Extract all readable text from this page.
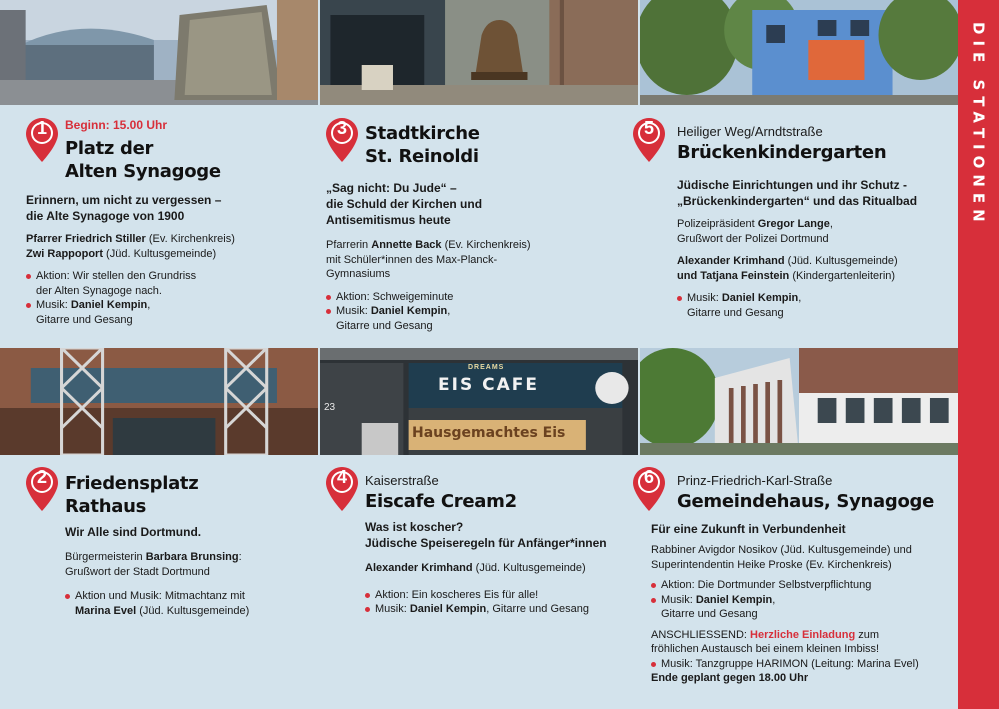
DREAMS
EIS CAFE
Hausgemachtes Eis
23
DIE STATIONEN
1	Beginn: 15.00 Uhr
Platz der
Alten Synagoge
Erinnern, um nicht zu vergessen –
die Alte Synagoge von 1900
Pfarrer Friedrich Stiller (Ev. Kirchenkreis)
Zwi Rappoport (Jüd. Kultusgemeinde)
Aktion: Wir stellen den Grundriss
der Alten Synagoge nach.
Musik: Daniel Kempin,
Gitarre und Gesang
3	Stadtkirche
St. Reinoldi
„Sag nicht: Du Jude“ –
die Schuld der Kirchen und
Antisemitismus heute
Pfarrerin Annette Back (Ev. Kirchenkreis)
mit Schüler*innen des Max-Planck-
Gymnasiums
Aktion: Schweigeminute
Musik: Daniel Kempin,
Gitarre und Gesang
5	Heiliger Weg/Arndtstraße
Brückenkindergarten
Jüdische Einrichtungen und ihr Schutz -
„Brückenkindergarten“ und das Ritualbad
Polizeipräsident Gregor Lange,
Grußwort der Polizei Dortmund
Alexander Krimhand (Jüd. Kultusgemeinde)
und Tatjana Feinstein (Kindergartenleiterin)
Musik: Daniel Kempin,
Gitarre und Gesang
2	Friedensplatz
Rathaus
Wir Alle sind Dortmund.
Bürgermeisterin Barbara Brunsing:
Grußwort der Stadt Dortmund
Aktion und Musik: Mitmachtanz mit
Marina Evel (Jüd. Kultusgemeinde)
4	Kaiserstraße
Eiscafe Cream2
Was ist koscher?
Jüdische Speiseregeln für Anfänger*innen
Alexander Krimhand (Jüd. Kultusgemeinde)
Aktion: Ein koscheres Eis für alle!
Musik: Daniel Kempin, Gitarre und Gesang
6	Prinz-Friedrich-Karl-Straße
Gemeindehaus, Synagoge
Für eine Zukunft in Verbundenheit
Rabbiner Avigdor Nosikov (Jüd. Kultusgemeinde) und
Superintendentin Heike Proske (Ev. Kirchenkreis)
Aktion: Die Dortmunder Selbstverpflichtung
Musik: Daniel Kempin,
Gitarre und Gesang
ANSCHLIESSEND: Herzliche Einladung zum
fröhlichen Austausch bei einem kleinen Imbiss!
Musik: Tanzgruppe HARIMON (Leitung: Marina Evel)
Ende geplant gegen 18.00 Uhr
